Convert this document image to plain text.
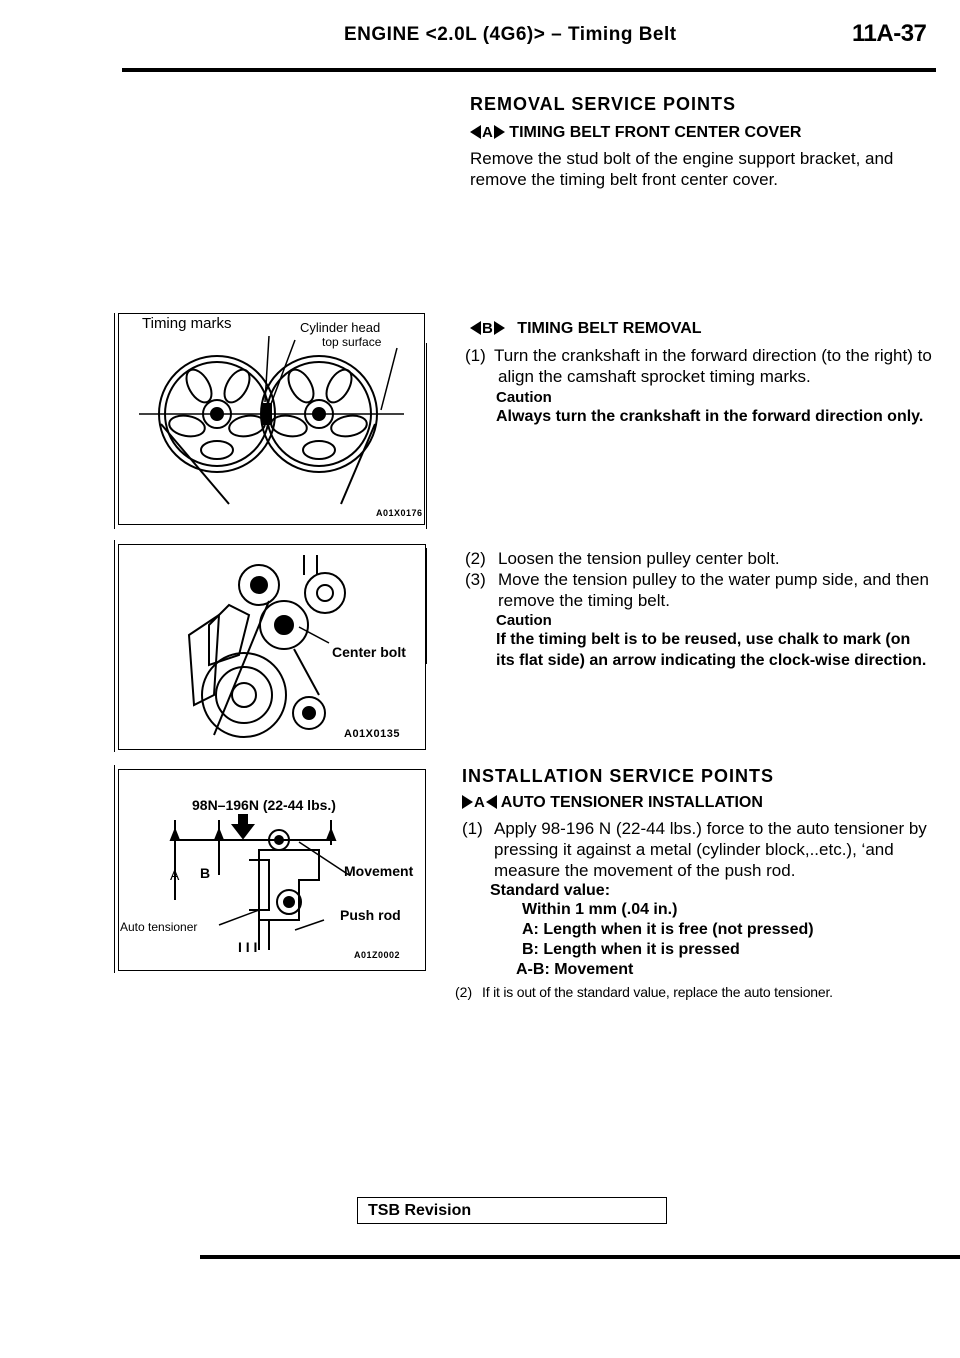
ENGINE <2.0L (4G6)> – Timing Belt	11A-37
REMOVAL SERVICE POINTS
A TIMING BELT FRONT CENTER COVER
Remove the stud bolt of the engine support bracket, and remove the timing belt front center cover.
B TIMING BELT REMOVAL
(1) Turn the crankshaft in the forward direction (to the right) to align the camshaft sprocket timing marks.
Caution
Always turn the crankshaft in the forward direction only.
(2) Loosen the tension pulley center bolt.
(3) Move the tension pulley to the water pump side, and then remove the timing belt.
Caution
If the timing belt is to be reused, use chalk to mark (on its flat side) an arrow indicating the clock-wise direction.
INSTALLATION SERVICE POINTS
A AUTO TENSIONER INSTALLATION
(1) Apply 98-196 N (22-44 lbs.) force to the auto tensioner by pressing it against a metal (cylinder block,..etc.), ‘and measure the movement of the push rod.
Standard value:
Within 1 mm (.04 in.)
A: Length when it is free (not pressed)
B: Length when it is pressed
A-B: Movement
(2) If it is out of the standard value, replace the auto tensioner.
Timing marks	Cylinder head
top surface
A01X0176
Center bolt
A01X0135
98N–196N (22-44 lbs.)
A B	Movement
Auto tensioner
Push rod
I I I	A01Z0002
TSB Revision
